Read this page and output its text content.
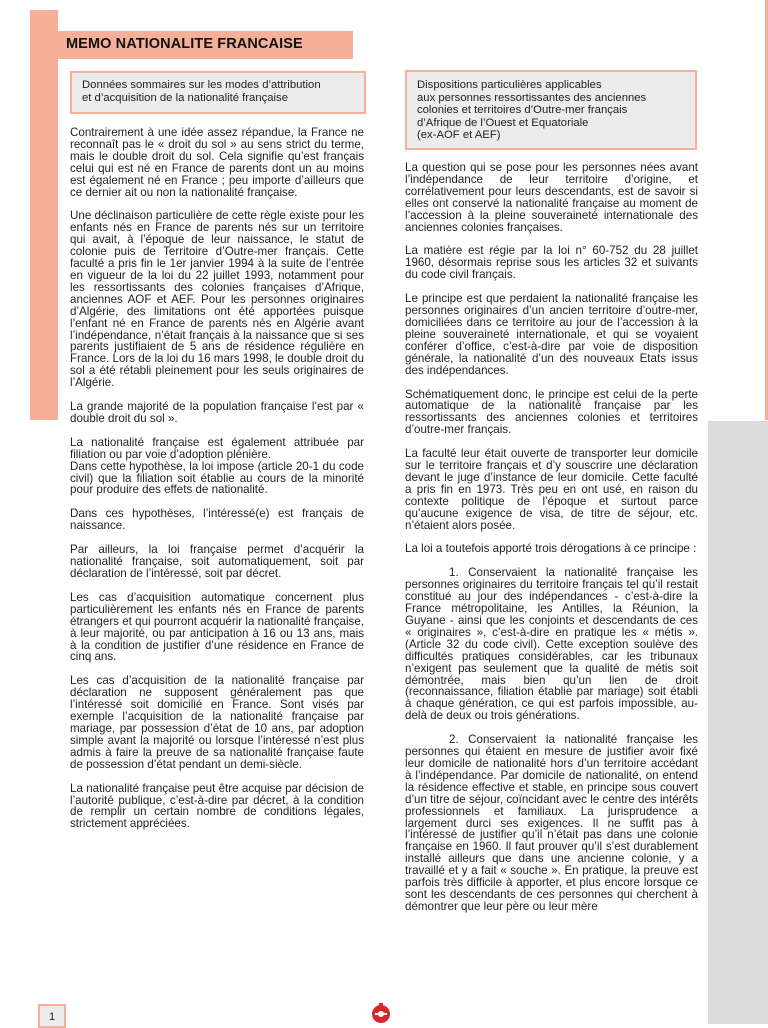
MEMO NATIONALITE FRANCAISE
Données sommaires sur les modes d’attribution
et d’acquisition de la nationalité française
Dispositions particulières applicables
aux personnes ressortissantes des anciennes
colonies et territoires d’Outre-mer français
d’Afrique de l’Ouest et Equatoriale
(ex-AOF et AEF)

Contrairement à une idée assez répandue, la France ne reconnaît pas le « droit du sol » au sens strict du terme, mais le double droit du sol. Cela signifie qu’est français celui qui est né en France de parents dont un au moins est également né en France ; peu importe d’ailleurs que ce dernier ait ou non la nationalité française.

Une déclinaison particulière de cette règle existe pour les enfants nés en France de parents nés sur un territoire qui avait, à l’époque de leur naissance, le statut de colonie puis de Territoire d’Outre-mer français. Cette faculté a pris fin le 1er janvier 1994 à la suite de l’entrée en vigueur de la loi du 22 juillet 1993, notamment pour les ressortissants des colonies françaises d’Afrique, anciennes AOF et AEF. Pour les personnes originaires d’Algérie, des limitations ont été apportées puisque l’enfant né en France de parents nés en Algérie avant l’indépendance, n’était français à la naissance que si ses parents justifiaient de 5 ans de résidence régulière en France. Lors de la loi du 16 mars 1998, le double droit du sol a été rétabli pleinement pour les seuls originaires de l’Algérie.

La grande majorité de la population française l’est par « double droit du sol ».

La nationalité française est également attribuée par filiation ou par voie d’adoption plénière.

Dans cette hypothèse, la loi impose (article 20-1 du code civil) que la filiation soit établie au cours de la minorité pour produire des effets de nationalité.

Dans ces hypothèses, l’intéressé(e) est français de naissance.

Par ailleurs, la loi française permet d’acquérir la nationalité française, soit automatiquement, soit par déclaration de l’intéressé, soit par décret.

Les cas d’acquisition automatique concernent plus particulièrement les enfants nés en France de parents étrangers et qui pourront acquérir la nationalité française, à leur majorité, ou par anticipation à 16 ou 13 ans, mais à la condition de justifier d’une résidence en France de cinq ans.

Les cas d’acquisition de la nationalité française par déclaration ne supposent généralement pas que l’intéressé soit domicilié en France. Sont visés par exemple l’acquisition de la nationalité française par mariage, par possession d’état de 10 ans, par adoption simple avant la majorité ou lorsque l’intéressé n’est plus admis à faire la preuve de sa nationalité française faute de possession d’état pendant un demi-siècle.

La nationalité française peut être acquise par décision de l’autorité publique, c’est-à-dire par décret, à la condition de remplir un certain nombre de conditions légales, strictement appréciées.

La question qui se pose pour les personnes nées avant l’indépendance de leur territoire d’origine, et corrélativement pour leurs descendants, est de savoir si elles ont conservé la nationalité française au moment de l’accession à la pleine souveraineté internationale des anciennes colonies françaises.

La matière est régie par la loi n° 60-752 du 28 juillet 1960, désormais reprise sous les articles 32 et suivants du code civil français.

Le principe est que perdaient la nationalité française les personnes originaires d’un ancien territoire d’outre-mer, domiciliées dans ce territoire au jour de l’accession à la pleine souveraineté internationale, et qui se voyaient conférer d’office, c’est-à-dire par voie de disposition générale, la nationalité d’un des nouveaux Etats issus des indépendances.

Schématiquement donc, le principe est celui de la perte automatique de la nationalité française par les ressortissants des anciennes colonies et territoires d’outre-mer français.

La faculté leur était ouverte de transporter leur domicile sur le territoire français et d’y souscrire une déclaration devant le juge d’instance de leur domicile. Cette faculté a pris fin en 1973. Très peu en ont usé, en raison du contexte politique de l’époque et surtout parce qu’aucune exigence de visa, de titre de séjour, etc. n’étaient alors posée.

La loi a toutefois apporté trois dérogations à ce principe :

1. Conservaient la nationalité française les personnes originaires du territoire français tel qu’il restait constitué au jour des indépendances - c’est-à-dire la France métropolitaine, les Antilles, la Réunion, la Guyane - ainsi que les conjoints et descendants de ces « originaires », c’est-à-dire en pratique les « métis ». (Article 32 du code civil). Cette exception soulève des difficultés pratiques considérables, car les tribunaux n’exigent pas seulement que la qualité de métis soit démontrée, mais bien qu’un lien de droit (reconnaissance, filiation établie par mariage) soit établi à chaque génération, ce qui est parfois impossible, au-delà de deux ou trois générations.

2. Conservaient la nationalité française les personnes qui étaient en mesure de justifier avoir fixé leur domicile de nationalité hors d’un territoire accédant à l’indépendance. Par domicile de nationalité, on entend la résidence effective et stable, en principe sous couvert d’un titre de séjour, coïncidant avec le centre des intérêts professionnels et familiaux. La jurisprudence a largement durci ses exigences. Il ne suffit pas à l’intéressé de justifier qu’il n’était pas dans une colonie française en 1960. Il faut prouver qu’il s’est durablement installé ailleurs que dans une ancienne colonie, y a travaillé et y a fait « souche ». En pratique, la preuve est parfois très difficile à apporter, et plus encore lorsque ce sont les descendants de ces personnes qui cherchent à démontrer que leur père ou leur mère

1
